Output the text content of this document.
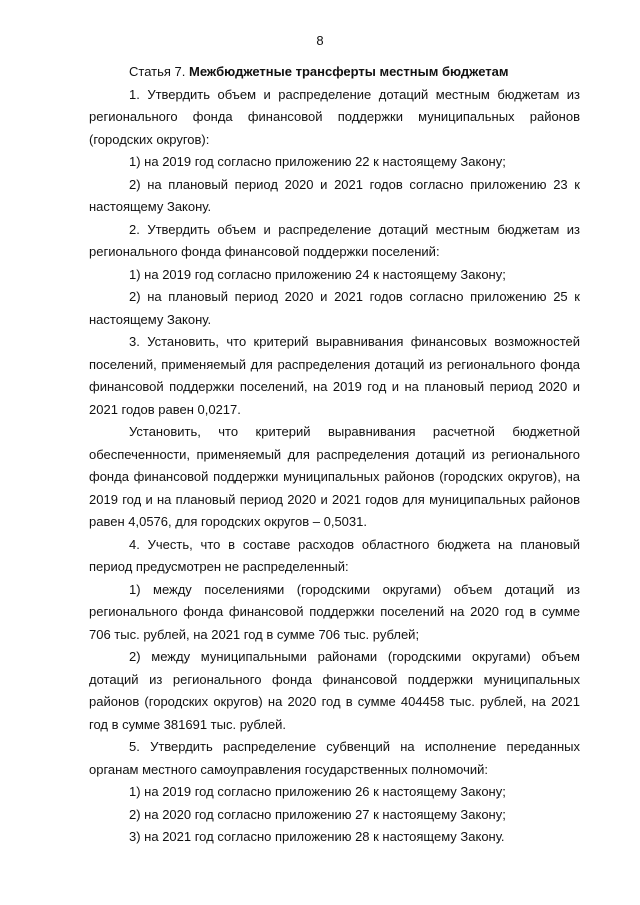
8

Статья 7. Межбюджетные трансферты местным бюджетам

1. Утвердить объем и распределение дотаций местным бюджетам из регионального фонда финансовой поддержки муниципальных районов (городских округов):

1) на 2019 год согласно приложению 22 к настоящему Закону;

2) на плановый период 2020 и 2021 годов согласно приложению 23 к настоящему Закону.

2. Утвердить объем и распределение дотаций местным бюджетам из регионального фонда финансовой поддержки поселений:

1) на 2019 год согласно приложению 24 к настоящему Закону;

2) на плановый период 2020 и 2021 годов согласно приложению 25 к настоящему Закону.

3. Установить, что критерий выравнивания финансовых возможностей поселений, применяемый для распределения дотаций из регионального фонда финансовой поддержки поселений, на 2019 год и на плановый период 2020 и 2021 годов равен 0,0217.

Установить, что критерий выравнивания расчетной бюджетной обеспеченности, применяемый для распределения дотаций из регионального фонда финансовой поддержки муниципальных районов (городских округов), на 2019 год и на плановый период 2020 и 2021 годов для муниципальных районов равен 4,0576, для городских округов – 0,5031.

4. Учесть, что в составе расходов областного бюджета на плановый период предусмотрен не распределенный:

1) между поселениями (городскими округами) объем дотаций из регионального фонда финансовой поддержки поселений на 2020 год в сумме 706 тыс. рублей, на 2021 год в сумме 706 тыс. рублей;

2) между муниципальными районами (городскими округами) объем дотаций из регионального фонда финансовой поддержки муниципальных районов (городских округов) на 2020 год в сумме 404458 тыс. рублей, на 2021 год в сумме 381691 тыс. рублей.

5. Утвердить распределение субвенций на исполнение переданных органам местного самоуправления государственных полномочий:

1) на 2019 год согласно приложению 26 к настоящему Закону;

2) на 2020 год согласно приложению 27 к настоящему Закону;

3) на 2021 год согласно приложению 28 к настоящему Закону.
